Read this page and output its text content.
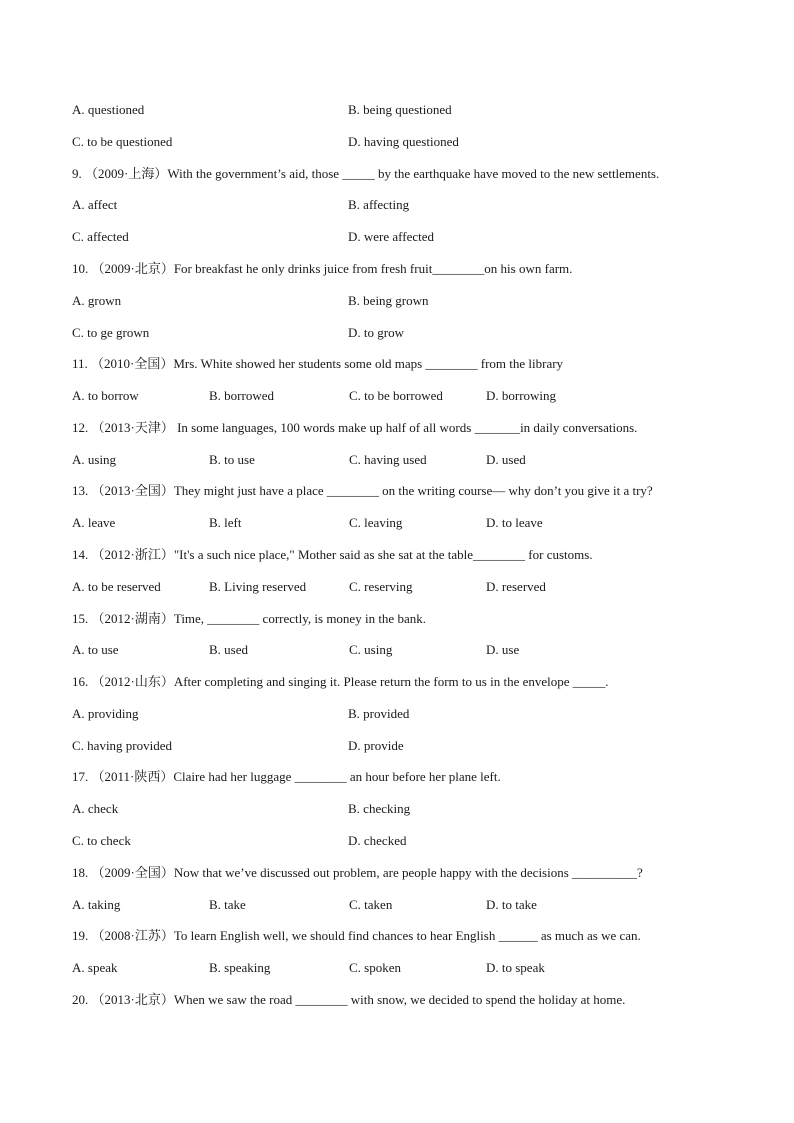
A. questioned	B. being questioned
C. to be questioned	D. having questioned
9. （2009·上海）With the government’s aid, those _____ by the earthquake have moved to the new settlements.
A. affect	B. affecting
C. affected	D. were affected
10. （2009·北京）For breakfast he only drinks juice from fresh fruit________on his own farm.
A. grown	B. being grown
C. to ge grown	D. to grow
11. （2010·全国）Mrs. White showed her students some old maps ________ from the library
A. to borrow	B. borrowed	C. to be borrowed	D. borrowing
12. （2013·天津） In some languages, 100 words make up half of all words _______in daily conversations.
A. using	B. to use	C. having used	D. used
13. （2013·全国）They might just have a place ________ on the writing course— why don’t you give it a try?
A. leave	B. left	C. leaving	D. to leave
14. （2012·浙江）"It's a such nice place," Mother said as she sat at the table________ for customs.
A. to be reserved	B. Living reserved	C. reserving	D. reserved
15. （2012·湖南）Time, ________ correctly, is money in the bank.
A. to use	B. used	C. using	D. use
16. （2012·山东）After completing and singing it. Please return the form to us in the envelope _____.
A. providing	B. provided
C. having provided	D. provide
17. （2011·陕西）Claire had her luggage ________ an hour before her plane left.
A. check	B. checking
C. to check	D. checked
18. （2009·全国）Now that we’ve discussed out problem, are people happy with the decisions __________?
A. taking	B. take	C. taken	D. to take
19. （2008·江苏）To learn English well, we should find chances to hear English ______ as much as we can.
A. speak	B. speaking	C. spoken	D. to speak
20. （2013·北京）When we saw the road ________ with snow, we decided to spend the holiday at home.
